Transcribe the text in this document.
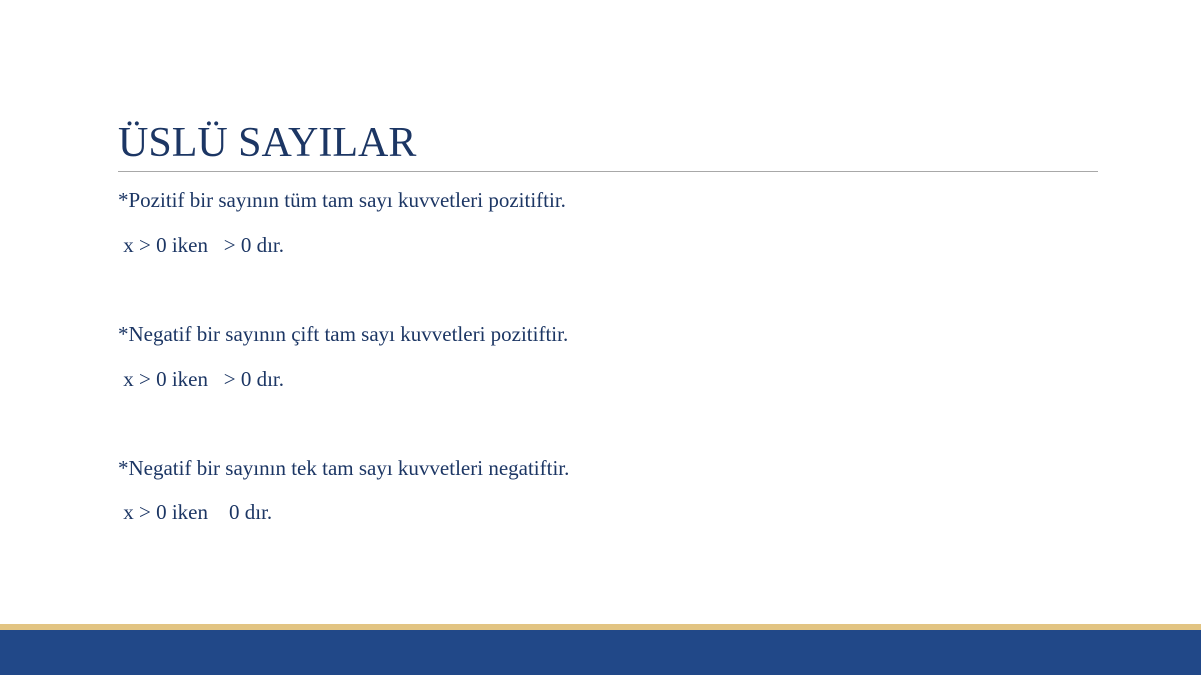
ÜSLÜ SAYILAR

*Pozitif bir sayının tüm tam sayı kuvvetleri pozitiftir.

x > 0 iken   > 0 dır.

*Negatif bir sayının çift tam sayı kuvvetleri pozitiftir.

x > 0 iken   > 0 dır.

*Negatif bir sayının tek tam sayı kuvvetleri negatiftir.

x > 0 iken    0 dır.
